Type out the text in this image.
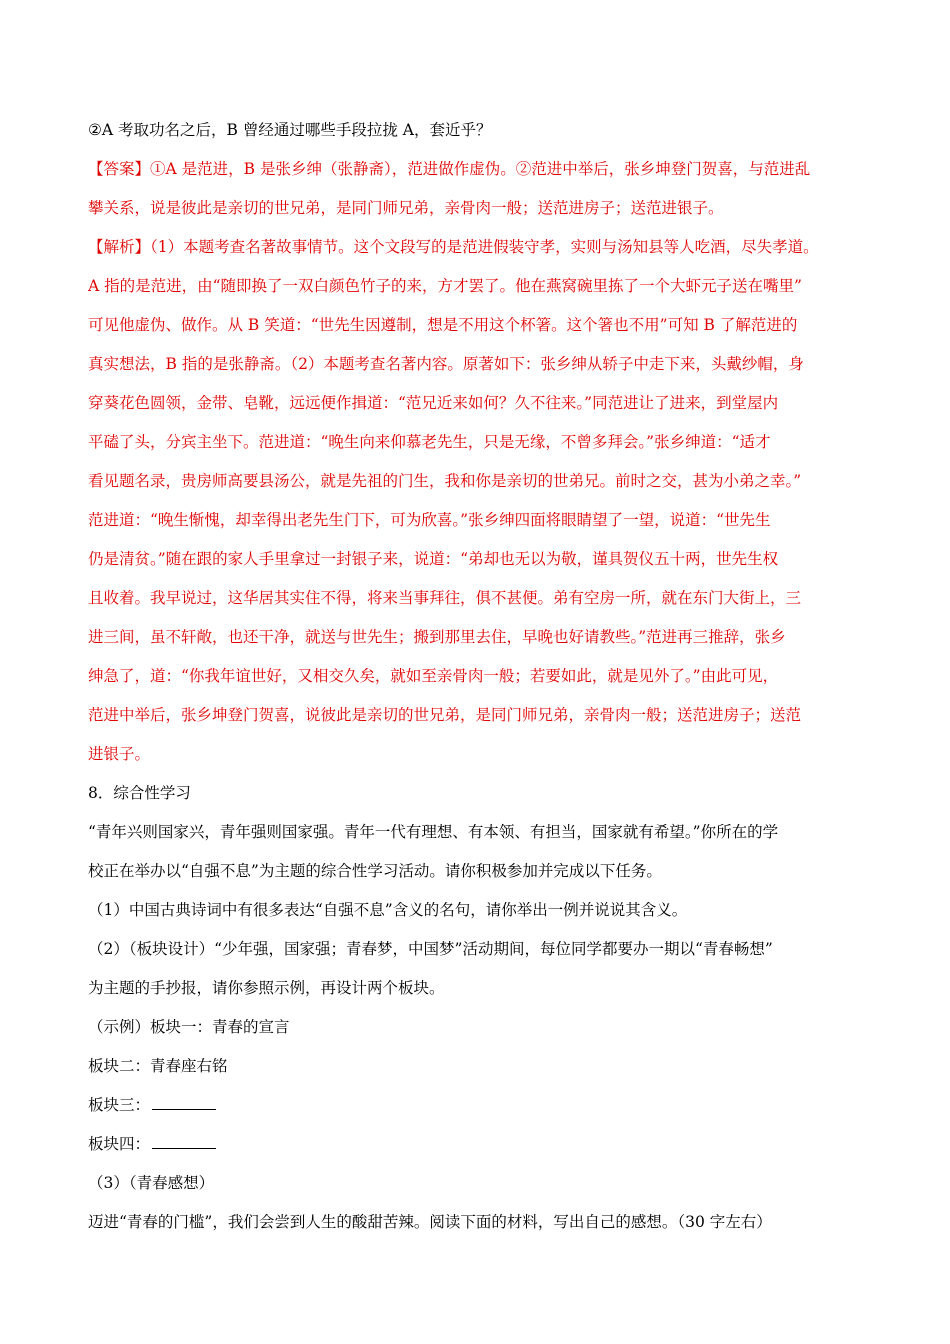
②A 考取功名之后，B 曾经通过哪些手段拉拢 A，套近乎？
【答案】①A 是范进，B 是张乡绅（张静斋），范进做作虚伪。②范进中举后，张乡坤登门贺喜，与范进乱
攀关系，说是彼此是亲切的世兄弟，是同门师兄弟，亲骨肉一般；送范进房子；送范进银子。
【解析】（1）本题考查名著故事情节。这个文段写的是范进假装守孝，实则与汤知县等人吃酒，尽失孝道。
A 指的是范进，由“随即换了一双白颜色竹子的来，方才罢了。他在燕窝碗里拣了一个大虾元子送在嘴里”
可见他虚伪、做作。从 B 笑道：“世先生因遵制，想是不用这个杯箸。这个箸也不用”可知 B 了解范进的
真实想法，B 指的是张静斋。（2）本题考查名著内容。原著如下：张乡绅从轿子中走下来，头戴纱帽，身
穿葵花色圆领，金带、皂靴，远远便作揖道：“范兄近来如何？久不往来。”同范进让了进来，到堂屋内
平磕了头，分宾主坐下。范进道：“晚生向来仰慕老先生，只是无缘，不曾多拜会。”张乡绅道：“适才
看见题名录，贵房师高要县汤公，就是先祖的门生，我和你是亲切的世弟兄。前时之交，甚为小弟之幸。”
范进道：“晚生惭愧，却幸得出老先生门下，可为欣喜。”张乡绅四面将眼睛望了一望，说道：“世先生
仍是清贫。”随在跟的家人手里拿过一封银子来，说道：“弟却也无以为敬，谨具贺仪五十两，世先生权
且收着。我早说过，这华居其实住不得，将来当事拜往，俱不甚便。弟有空房一所，就在东门大街上，三
进三间，虽不轩敞，也还干净，就送与世先生；搬到那里去住，早晚也好请教些。”范进再三推辞，张乡
绅急了，道：“你我年谊世好，又相交久矣，就如至亲骨肉一般；若要如此，就是见外了。”由此可见，
范进中举后，张乡坤登门贺喜，说彼此是亲切的世兄弟，是同门师兄弟，亲骨肉一般；送范进房子；送范
进银子。
8．综合性学习
“青年兴则国家兴，青年强则国家强。青年一代有理想、有本领、有担当，国家就有希望。”你所在的学
校正在举办以“自强不息”为主题的综合性学习活动。请你积极参加并完成以下任务。
（1）中国古典诗词中有很多表达“自强不息”含义的名句，请你举出一例并说说其含义。
（2）（板块设计）“少年强，国家强；青春梦，中国梦”活动期间，每位同学都要办一期以“青春畅想”
为主题的手抄报，请你参照示例，再设计两个板块。
（示例）板块一：青春的宣言
板块二：青春座右铭
板块三：
板块四：
（3）（青春感想）
迈进“青春的门槛”，我们会尝到人生的酸甜苦辣。阅读下面的材料，写出自己的感想。（30 字左右）
